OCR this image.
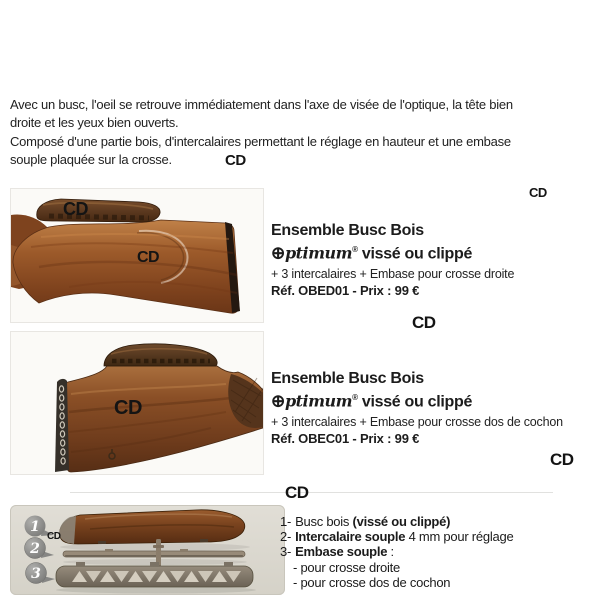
Avec un busc, l'oeil se retrouve immédiatement dans l'axe de visée de l'optique, la tête bien droite et les yeux bien ouverts.

Composé d'une partie bois, d'intercalaires permettant le réglage en hauteur et une embase souple plaquée sur la crosse.	CD
CD
CD
CD
CD
CD
CD
CD
CD
Ensemble Busc Bois
⊕ptimum® vissé ou clippé
+ 3 intercalaires + Embase pour crosse droite
Réf. OBED01 - Prix : 99 €
Ensemble Busc Bois
⊕ptimum® vissé ou clippé
+ 3 intercalaires + Embase pour crosse dos de cochon
Réf. OBEC01 - Prix : 99 €
1
2
3
1- Busc bois (vissé ou clippé)
2- Intercalaire souple 4 mm pour réglage
3- Embase souple :
- pour crosse droite
- pour crosse dos de cochon
